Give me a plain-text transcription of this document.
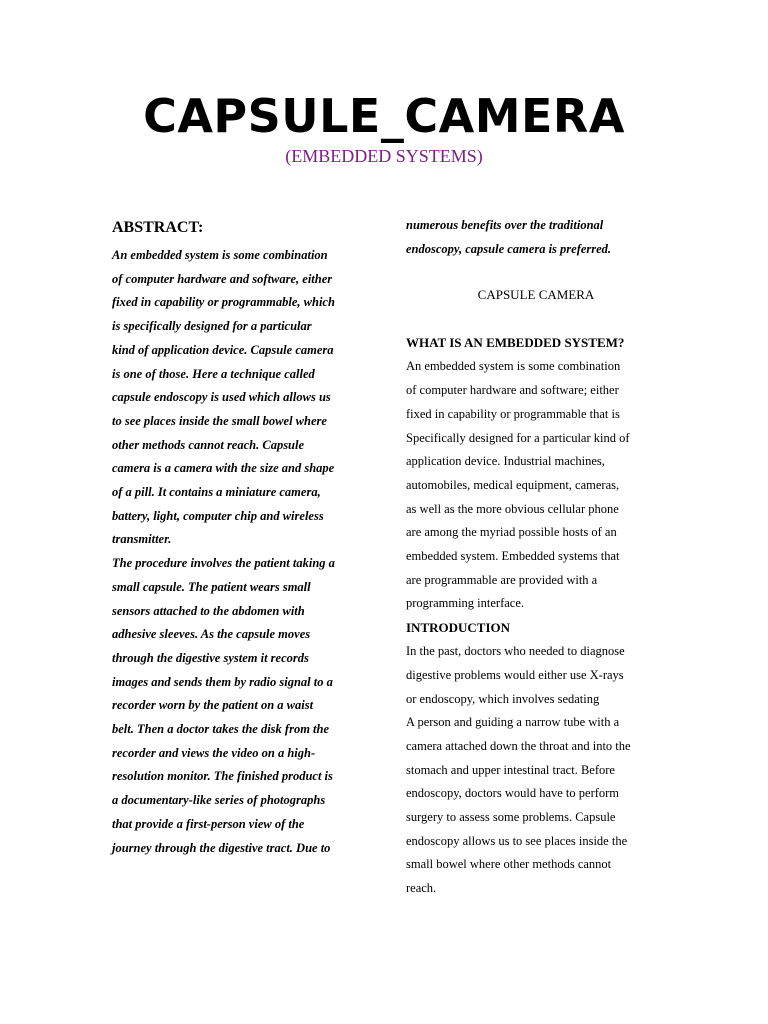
CAPSULE_CAMERA

(EMBEDDED SYSTEMS)

ABSTRACT:

An embedded system is some combination
of computer hardware and software, either
fixed in capability or programmable, which
is specifically designed for a particular
kind of application device. Capsule camera
is one of those. Here a technique called
capsule endoscopy is used which allows us
to see places inside the small bowel where
other methods cannot reach. Capsule
camera is a camera with the size and shape
of a pill. It contains a miniature camera,
battery, light, computer chip and wireless
transmitter.

The procedure involves the patient taking a
small capsule. The patient wears small
sensors attached to the abdomen with
adhesive sleeves. As the capsule moves
through the digestive system it records
images and sends them by radio signal to a
recorder worn by the patient on a waist
belt. Then a doctor takes the disk from the
recorder and views the video on a high-
resolution monitor. The finished product is
a documentary-like series of photographs
that provide a first-person view of the
journey through the digestive tract. Due to

numerous benefits over the traditional
endoscopy, capsule camera is preferred.

CAPSULE CAMERA

WHAT IS AN EMBEDDED SYSTEM?

An embedded system is some combination
of computer hardware and software; either
fixed in capability or programmable that is
Specifically designed for a particular kind of
application device. Industrial machines,
automobiles, medical equipment, cameras,
as well as the more obvious cellular phone
are among the myriad possible hosts of an
embedded system. Embedded systems that
are programmable are provided with a
programming interface.

INTRODUCTION

In the past, doctors who needed to diagnose
digestive problems would either use X-rays
or endoscopy, which involves sedating
A person and guiding a narrow tube with a
camera attached down the throat and into the
stomach and upper intestinal tract. Before
endoscopy, doctors would have to perform
surgery to assess some problems. Capsule
endoscopy allows us to see places inside the
small bowel where other methods cannot
reach.
